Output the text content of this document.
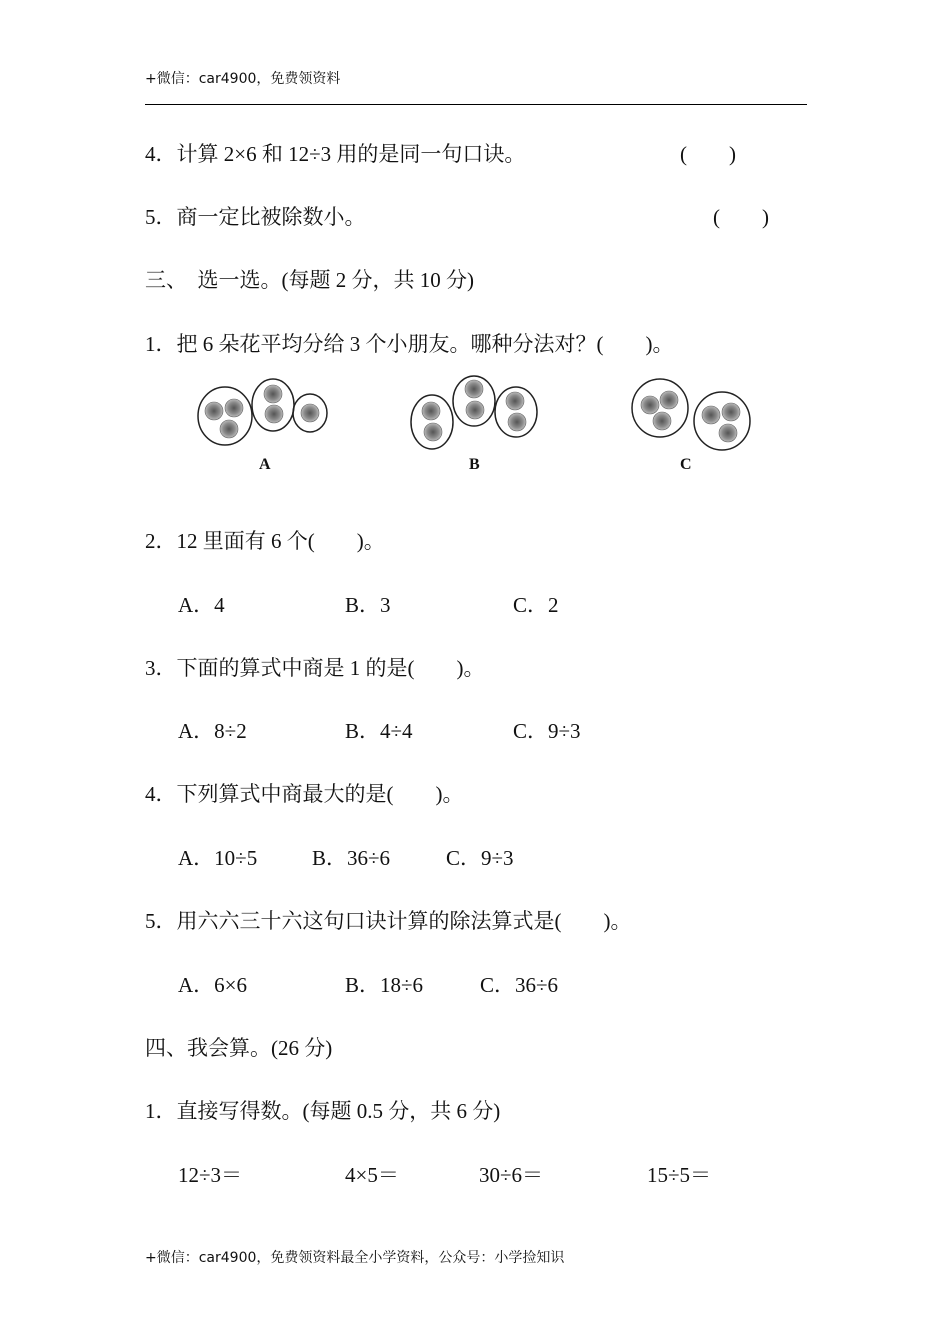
+微信：car4900，免费领资料
4．计算 2×6 和 12÷3 用的是同一句口诀。	(　　)
5．商一定比被除数小。	(　　)
三、　选一选。(每题 2 分，共 10 分)
1．把 6 朵花平均分给 3 个小朋友。哪种分法对？(　　)。
A	B	C
2．12 里面有 6 个(　　)。
A．4	B．3	C．2
3．下面的算式中商是 1 的是(　　)。
A．8÷2	B．4÷4	C．9÷3
4．下列算式中商最大的是(　　)。
A．10÷5	B．36÷6	C．9÷3
5．用六六三十六这句口诀计算的除法算式是(　　)。
A．6×6	B．18÷6	C．36÷6
四、我会算。(26 分)
1．直接写得数。(每题 0.5 分，共 6 分)
12÷3＝	4×5＝	30÷6＝	15÷5＝
+微信：car4900，免费领资料最全小学资料，公众号：小学捡知识
